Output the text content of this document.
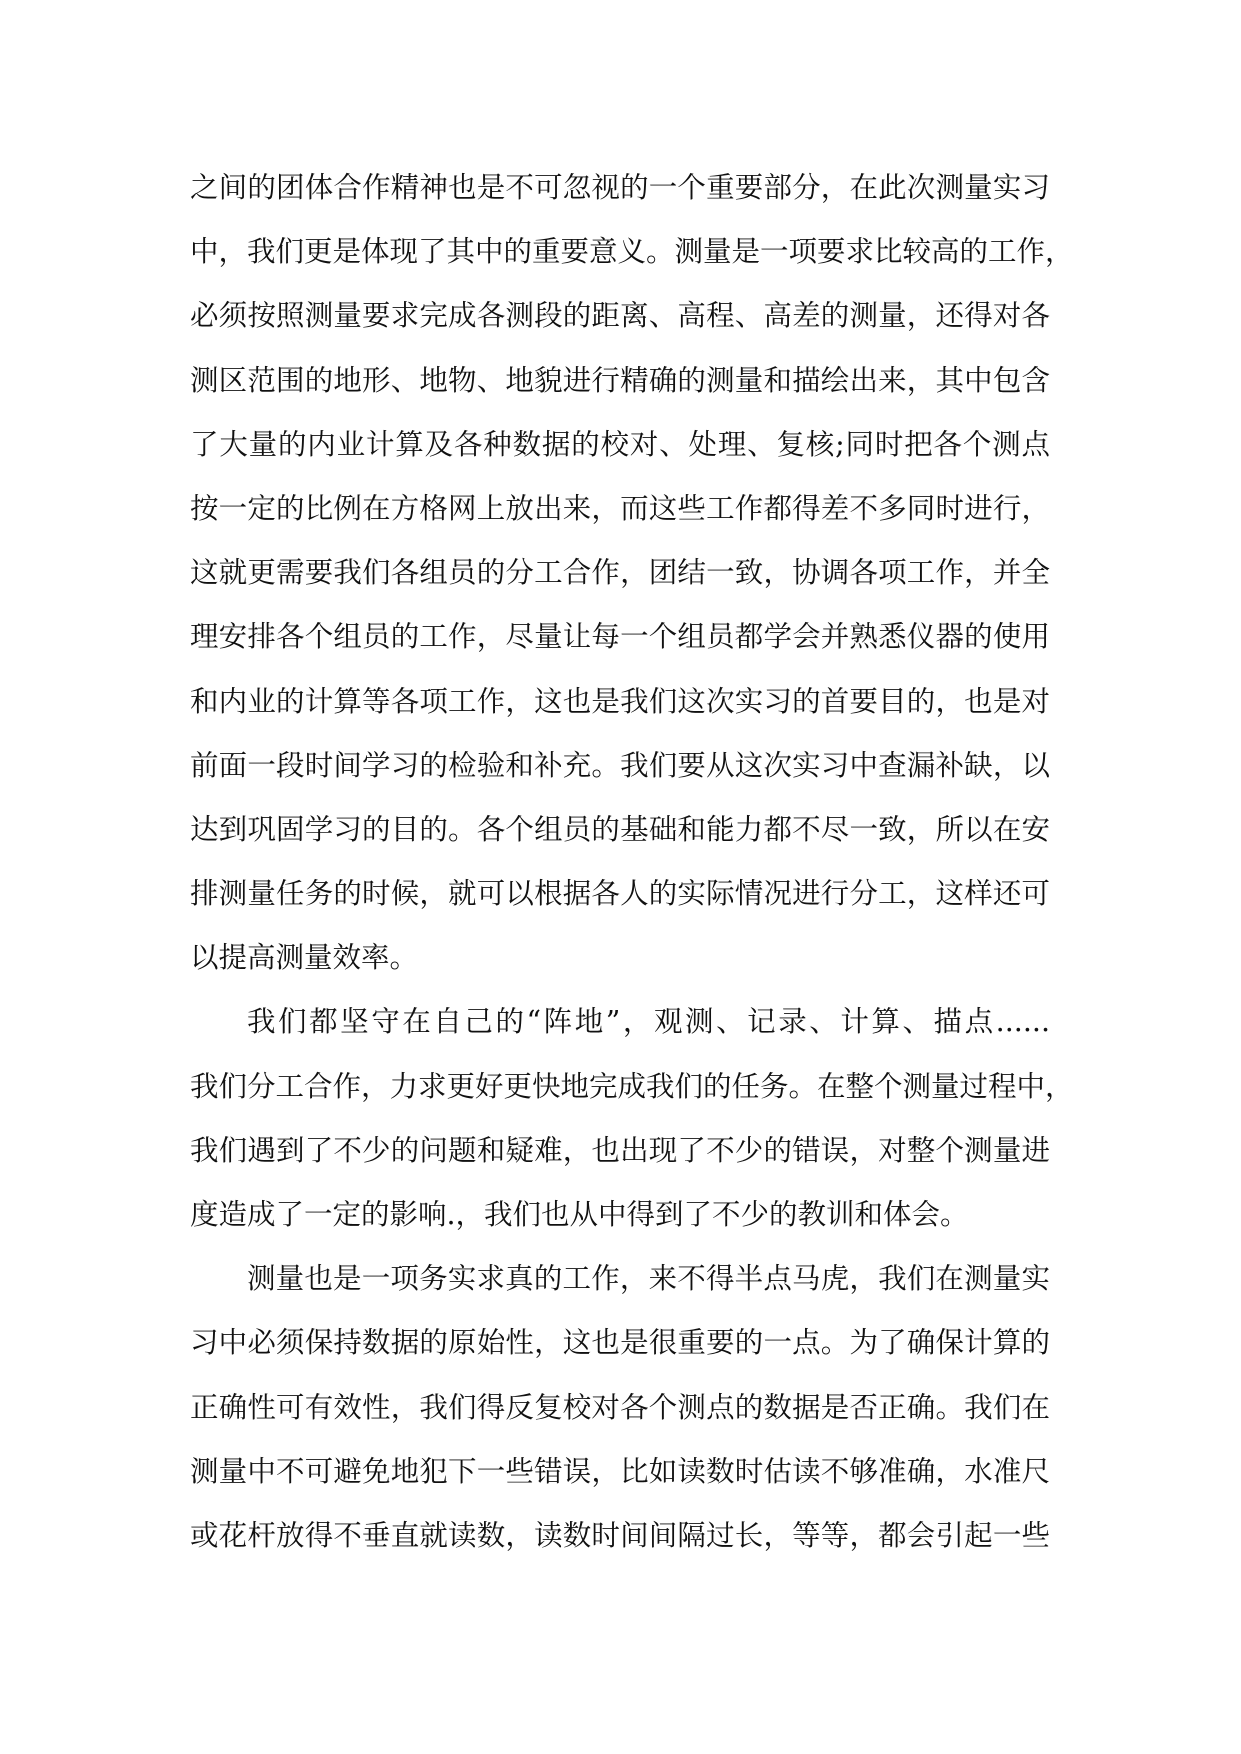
之间的团体合作精神也是不可忽视的一个重要部分，在此次测量实习
中，我们更是体现了其中的重要意义。测量是一项要求比较高的工作，
必须按照测量要求完成各测段的距离、高程、高差的测量，还得对各
测区范围的地形、地物、地貌进行精确的测量和描绘出来，其中包含
了大量的内业计算及各种数据的校对、处理、复核;同时把各个测点
按一定的比例在方格网上放出来，而这些工作都得差不多同时进行，
这就更需要我们各组员的分工合作，团结一致，协调各项工作，并全
理安排各个组员的工作，尽量让每一个组员都学会并熟悉仪器的使用
和内业的计算等各项工作，这也是我们这次实习的首要目的，也是对
前面一段时间学习的检验和补充。我们要从这次实习中查漏补缺，以
达到巩固学习的目的。各个组员的基础和能力都不尽一致，所以在安
排测量任务的时候，就可以根据各人的实际情况进行分工，这样还可
以提高测量效率。
我们都坚守在自己的“阵地”，观测、记录、计算、描点......
我们分工合作，力求更好更快地完成我们的任务。在整个测量过程中，
我们遇到了不少的问题和疑难，也出现了不少的错误，对整个测量进
度造成了一定的影响.，我们也从中得到了不少的教训和体会。
测量也是一项务实求真的工作，来不得半点马虎，我们在测量实
习中必须保持数据的原始性，这也是很重要的一点。为了确保计算的
正确性可有效性，我们得反复校对各个测点的数据是否正确。我们在
测量中不可避免地犯下一些错误，比如读数时估读不够准确，水准尺
或花杆放得不垂直就读数，读数时间间隔过长，等等，都会引起一些
